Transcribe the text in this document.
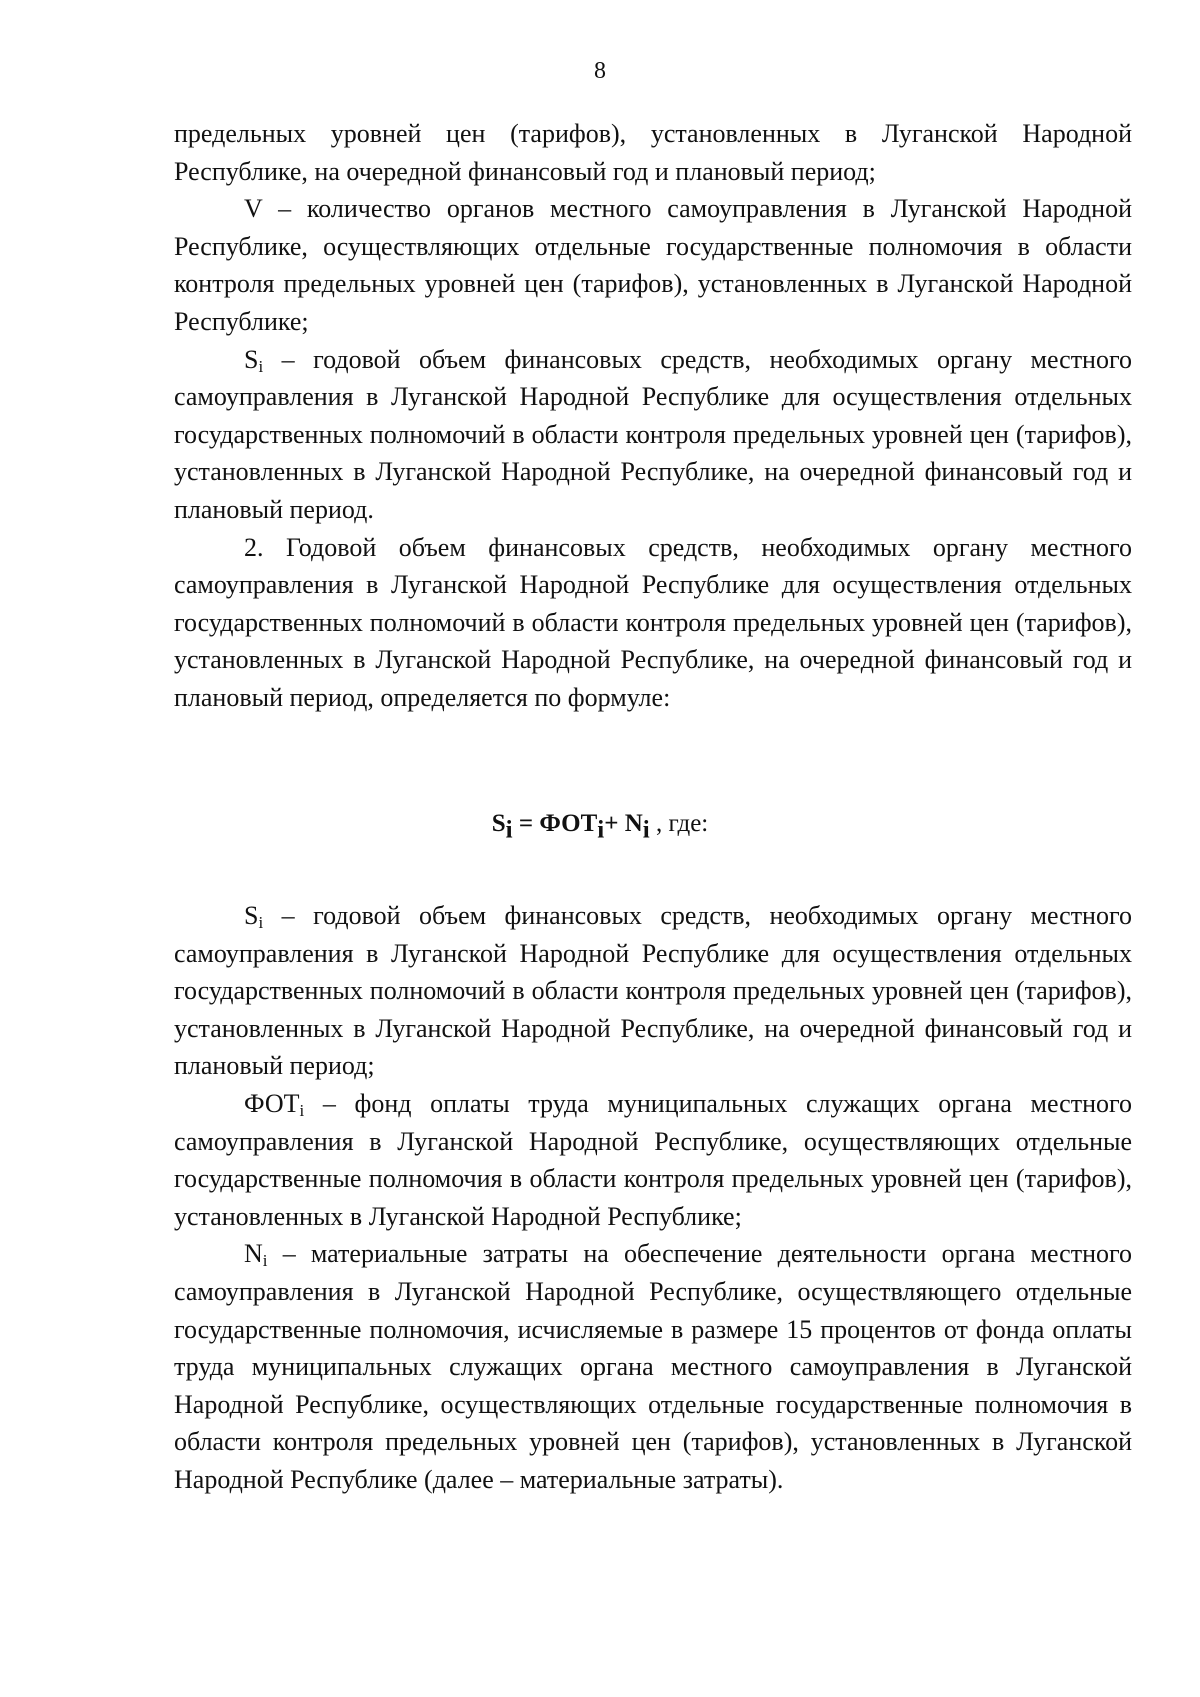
8

предельных уровней цен (тарифов), установленных в Луганской Народной Республике, на очередной финансовый год и плановый период;

V – количество органов местного самоуправления в Луганской Народной Республике, осуществляющих отдельные государственные полномочия в области контроля предельных уровней цен (тарифов), установленных в Луганской Народной Республике;

$S_i$ – годовой объем финансовых средств, необходимых органу местного самоуправления в Луганской Народной Республике для осуществления отдельных государственных полномочий в области контроля предельных уровней цен (тарифов), установленных в Луганской Народной Республике, на очередной финансовый год и плановый период.

2. Годовой объем финансовых средств, необходимых органу местного самоуправления в Луганской Народной Республике для осуществления отдельных государственных полномочий в области контроля предельных уровней цен (тарифов), установленных в Луганской Народной Республике, на очередной финансовый год и плановый период, определяется по формуле:

$S_i = ФОТ_i+ N_i$ , где:

$S_i$ – годовой объем финансовых средств, необходимых органу местного самоуправления в Луганской Народной Республике для осуществления отдельных государственных полномочий в области контроля предельных уровней цен (тарифов), установленных в Луганской Народной Республике, на очередной финансовый год и плановый период;

$ФОТ_i$ – фонд оплаты труда муниципальных служащих органа местного самоуправления в Луганской Народной Республике, осуществляющих отдельные государственные полномочия в области контроля предельных уровней цен (тарифов), установленных в Луганской Народной Республике;

$N_i$ – материальные затраты на обеспечение деятельности органа местного самоуправления в Луганской Народной Республике, осуществляющего отдельные государственные полномочия, исчисляемые в размере 15 процентов от фонда оплаты труда муниципальных служащих органа местного самоуправления в Луганской Народной Республике, осуществляющих отдельные государственные полномочия в области контроля предельных уровней цен (тарифов), установленных в Луганской Народной Республике (далее – материальные затраты).
